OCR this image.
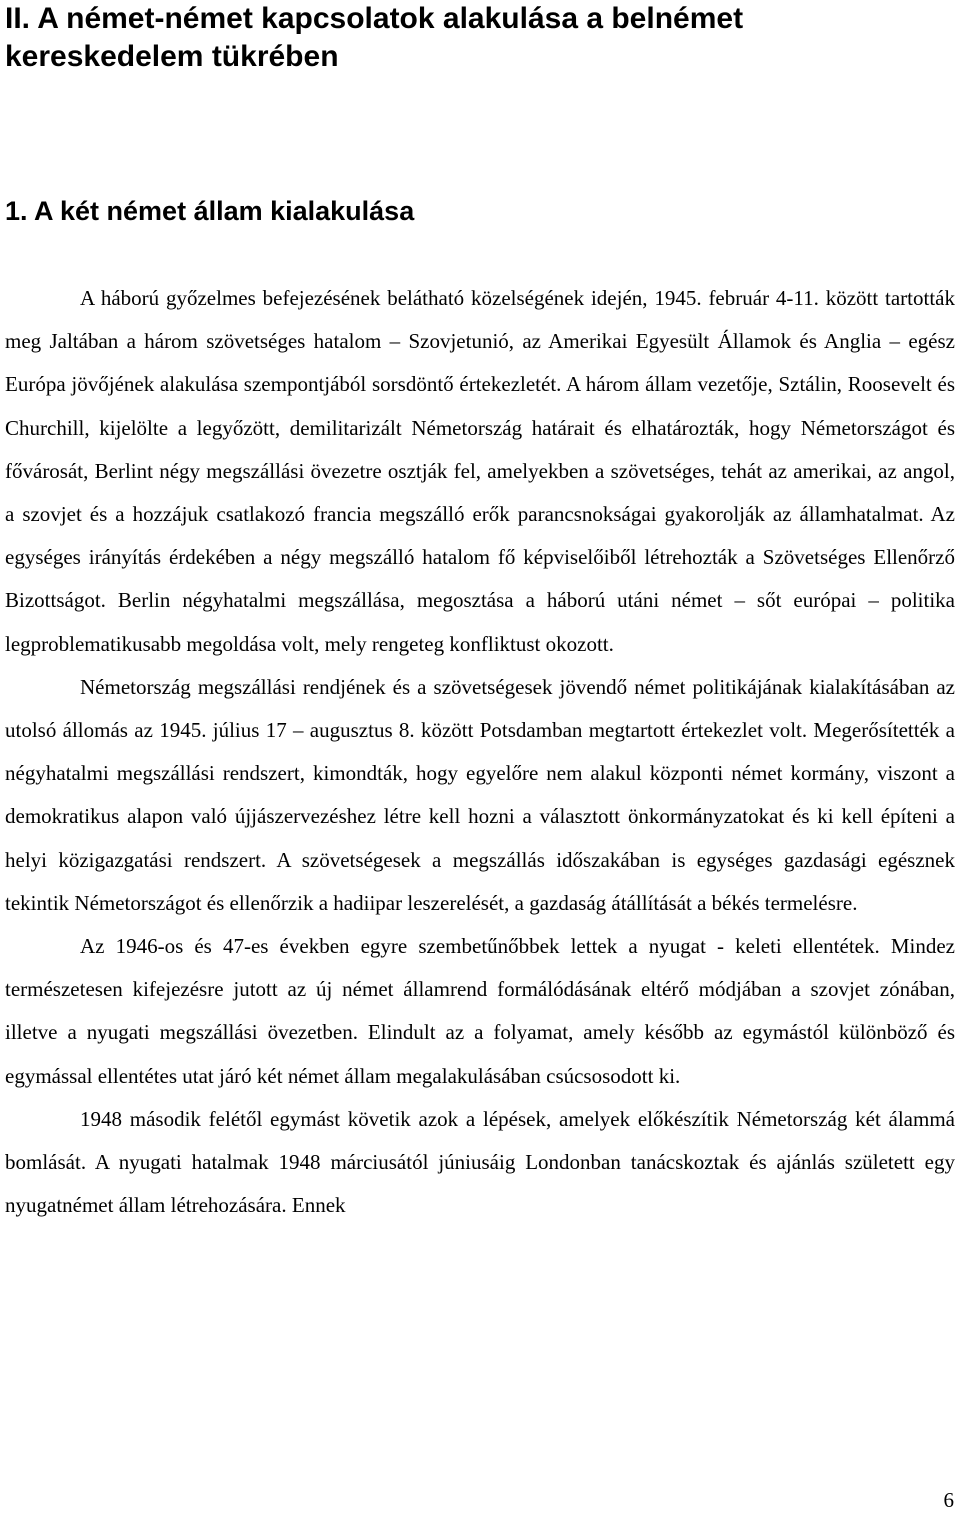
II. A német-német kapcsolatok alakulása a belnémet kereskedelem tükrében
1. A két német állam kialakulása

A háború győzelmes befejezésének belátható közelségének idején, 1945. február 4-11. között tartották meg Jaltában a három szövetséges hatalom – Szovjetunió, az Amerikai Egyesült Államok és Anglia – egész Európa jövőjének alakulása szempontjából sorsdöntő értekezletét. A három állam vezetője, Sztálin, Roosevelt és Churchill, kijelölte a legyőzött, demilitarizált Németország határait és elhatározták, hogy Németországot és fővárosát, Berlint négy megszállási övezetre osztják fel, amelyekben a szövetséges, tehát az amerikai, az angol, a szovjet és a hozzájuk csatlakozó francia megszálló erők parancsnokságai gyakorolják az államhatalmat. Az egységes irányítás érdekében a négy megszálló hatalom fő képviselőiből létrehozták a Szövetséges Ellenőrző Bizottságot. Berlin négyhatalmi megszállása, megosztása a háború utáni német – sőt európai – politika legproblematikusabb megoldása volt, mely rengeteg konfliktust okozott.

Németország megszállási rendjének és a szövetségesek jövendő német politikájának kialakításában az utolsó állomás az 1945. július 17 – augusztus 8. között Potsdamban megtartott értekezlet volt. Megerősítették a négyhatalmi megszállási rendszert, kimondták, hogy egyelőre nem alakul központi német kormány, viszont a demokratikus alapon való újjászervezéshez létre kell hozni a választott önkormányzatokat és ki kell építeni a helyi közigazgatási rendszert. A szövetségesek a megszállás időszakában is egységes gazdasági egésznek tekintik Németországot és ellenőrzik a hadiipar leszerelését, a gazdaság átállítását a békés termelésre.

Az 1946-os és 47-es években egyre szembetűnőbbek lettek a nyugat - keleti ellentétek. Mindez természetesen kifejezésre jutott az új német államrend formálódásának eltérő módjában a szovjet zónában, illetve a nyugati megszállási övezetben. Elindult az a folyamat, amely később az egymástól különböző és egymással ellentétes utat járó két német állam megalakulásában csúcsosodott ki.

1948 második felétől egymást követik azok a lépések, amelyek előkészítik Németország két álammá bomlását. A nyugati hatalmak 1948 márciusától júniusáig Londonban tanácskoztak és ajánlás született egy nyugatnémet állam létrehozására. Ennek

6
